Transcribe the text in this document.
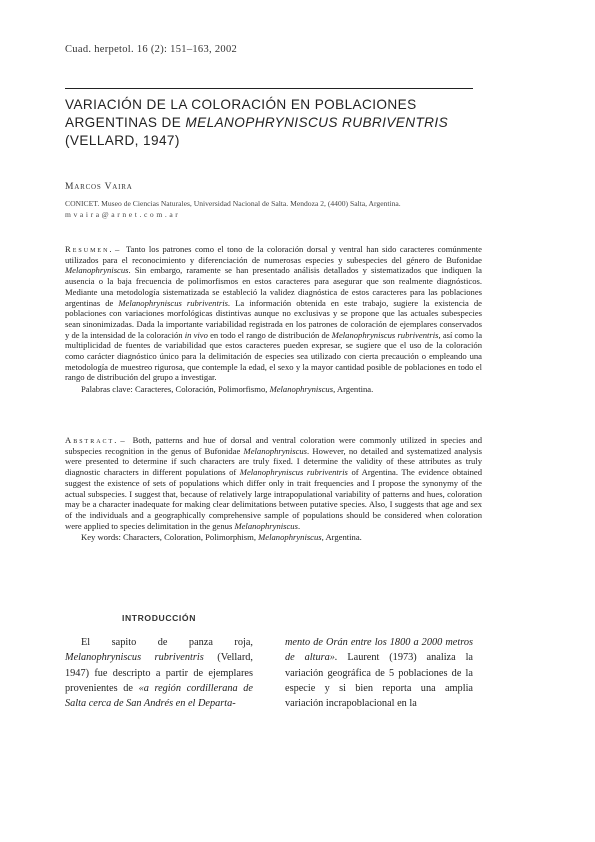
Cuad. herpetol. 16 (2): 151–163, 2002
VARIACIÓN DE LA COLORACIÓN EN POBLACIONES
ARGENTINAS DE MELANOPHRYNISCUS RUBRIVENTRIS
(VELLARD, 1947)
Marcos Vaira
CONICET. Museo de Ciencias Naturales, Universidad Nacional de Salta. Mendoza 2, (4400) Salta, Argentina.
mvaira@arnet.com.ar
Resumen. –  Tanto los patrones como el tono de la coloración dorsal y ventral han sido caracteres comúnmente utilizados para el reconocimiento y diferenciación de numerosas especies y subespecies del género de Bufonidae Melanophryniscus. Sin embargo, raramente se han presentado análisis detallados y sistematizados que indiquen la ausencia o la baja frecuencia de polimorfismos en estos caracteres para asegurar que son realmente diagnósticos. Mediante una metodología sistematizada se estableció la validez diagnóstica de estos caracteres para las poblaciones argentinas de Melanophryniscus rubriventris. La información obtenida en este trabajo, sugiere la existencia de poblaciones con variaciones morfológicas distintivas aunque no exclusivas y se propone que las actuales subespecies sean sinonimizadas. Dada la importante variabilidad registrada en los patrones de coloración de ejemplares conservados y de la intensidad de la coloración in vivo en todo el rango de distribución de Melanophryniscus rubriventris, así como la multiplicidad de fuentes de variabilidad que estos caracteres pueden expresar, se sugiere que el uso de la coloración como carácter diagnóstico único para la delimitación de especies sea utilizado con cierta precaución o empleando una metodología de muestreo rigurosa, que contemple la edad, el sexo y la mayor cantidad posible de poblaciones en todo el rango de distribución del grupo a investigar.
Palabras clave: Caracteres, Coloración, Polimorfismo, Melanophryniscus, Argentina.
Abstract. –  Both, patterns and hue of dorsal and ventral coloration were commonly utilized in species and subspecies recognition in the genus of Bufonidae Melanophryniscus. However, no detailed and systematized analysis were presented to determine if such characters are truly fixed. I determine the validity of these attributes as truly diagnostic characters in different populations of Melanophryniscus rubriventris of Argentina. The evidence obtained suggest the existence of sets of populations which differ only in trait frequencies and I propose the synonymy of the actual subspecies. I suggest that, because of relatively large intrapopulational variability of patterns and hues, coloration may be a character inadequate for making clear delimitations between putative species. Also, I suggests that age and sex of the individuals and a geographically comprehensive sample of populations should be considered when coloration were applied to species delimitation in the genus Melanophryniscus.
Key words: Characters, Coloration, Polimorphism, Melanophryniscus, Argentina.
INTRODUCCIÓN
El sapito de panza roja, Melanophryniscus rubriventris (Vellard, 1947) fue descripto a partir de ejemplares provenientes de «a región cordillerana de Salta cerca de San Andrés en el Departa-
mento de Orán entre los 1800 a 2000 metros de altura». Laurent (1973) analiza la variación geográfica de 5 poblaciones de la especie y si bien reporta una amplia variación incrapoblacional en la
